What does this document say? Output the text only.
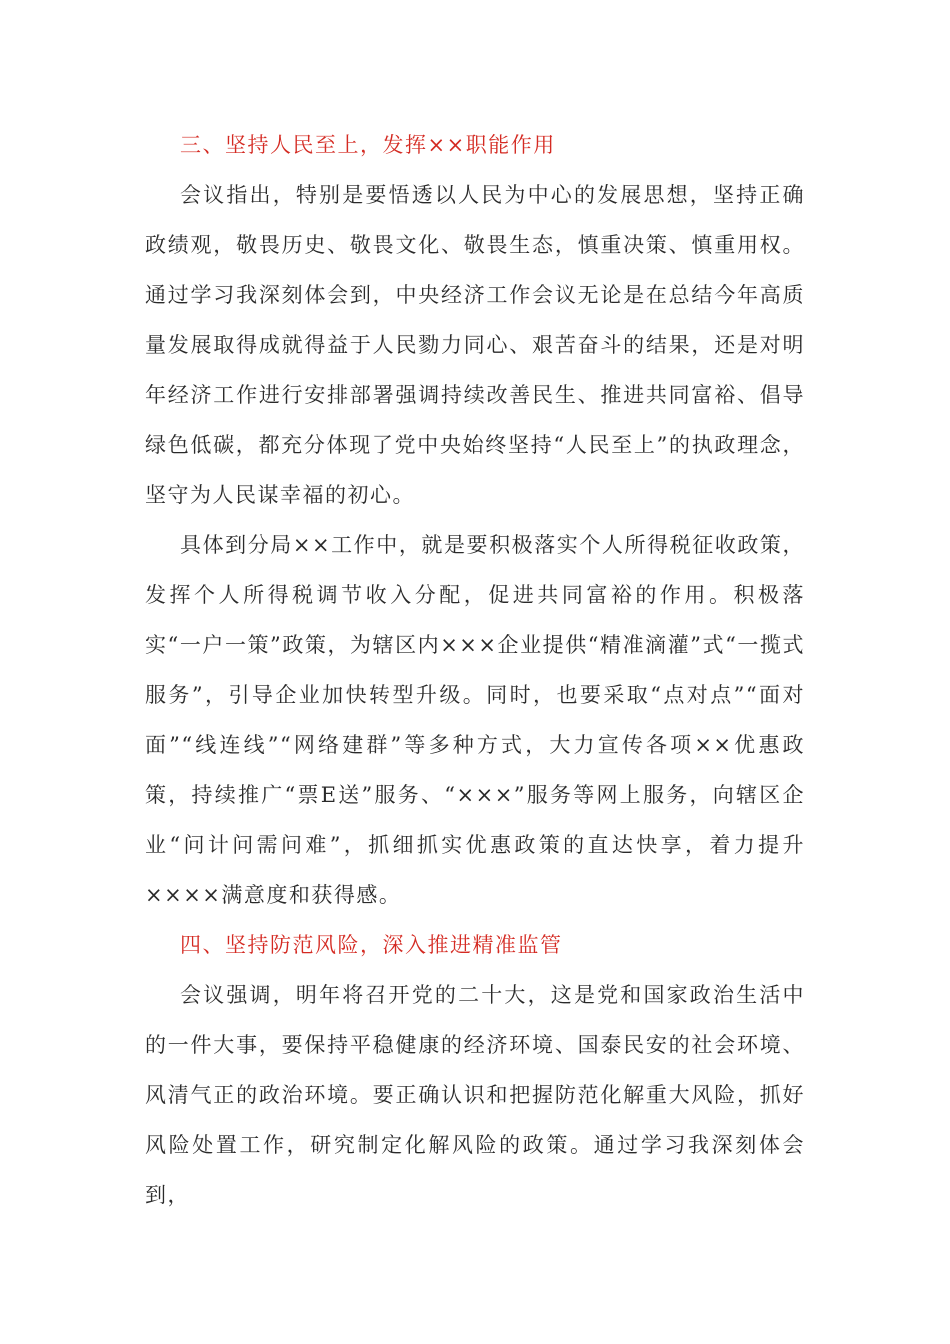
三、坚持人民至上，发挥××职能作用

会议指出，特别是要悟透以人民为中心的发展思想，坚持正确政绩观，敬畏历史、敬畏文化、敬畏生态，慎重决策、慎重用权。通过学习我深刻体会到，中央经济工作会议无论是在总结今年高质量发展取得成就得益于人民勠力同心、艰苦奋斗的结果，还是对明年经济工作进行安排部署强调持续改善民生、推进共同富裕、倡导绿色低碳，都充分体现了党中央始终坚持“人民至上”的执政理念，坚守为人民谋幸福的初心。

具体到分局××工作中，就是要积极落实个人所得税征收政策，发挥个人所得税调节收入分配，促进共同富裕的作用。积极落实“一户一策”政策，为辖区内×××企业提供“精准滴灌”式“一揽式服务”，引导企业加快转型升级。同时，也要采取“点对点”“面对面”“线连线”“网络建群”等多种方式，大力宣传各项××优惠政策，持续推广“票E送”服务、“×××”服务等网上服务，向辖区企业“问计问需问难”，抓细抓实优惠政策的直达快享，着力提升××××满意度和获得感。

四、坚持防范风险，深入推进精准监管

会议强调，明年将召开党的二十大，这是党和国家政治生活中的一件大事，要保持平稳健康的经济环境、国泰民安的社会环境、风清气正的政治环境。要正确认识和把握防范化解重大风险，抓好风险处置工作，研究制定化解风险的政策。通过学习我深刻体会到，
